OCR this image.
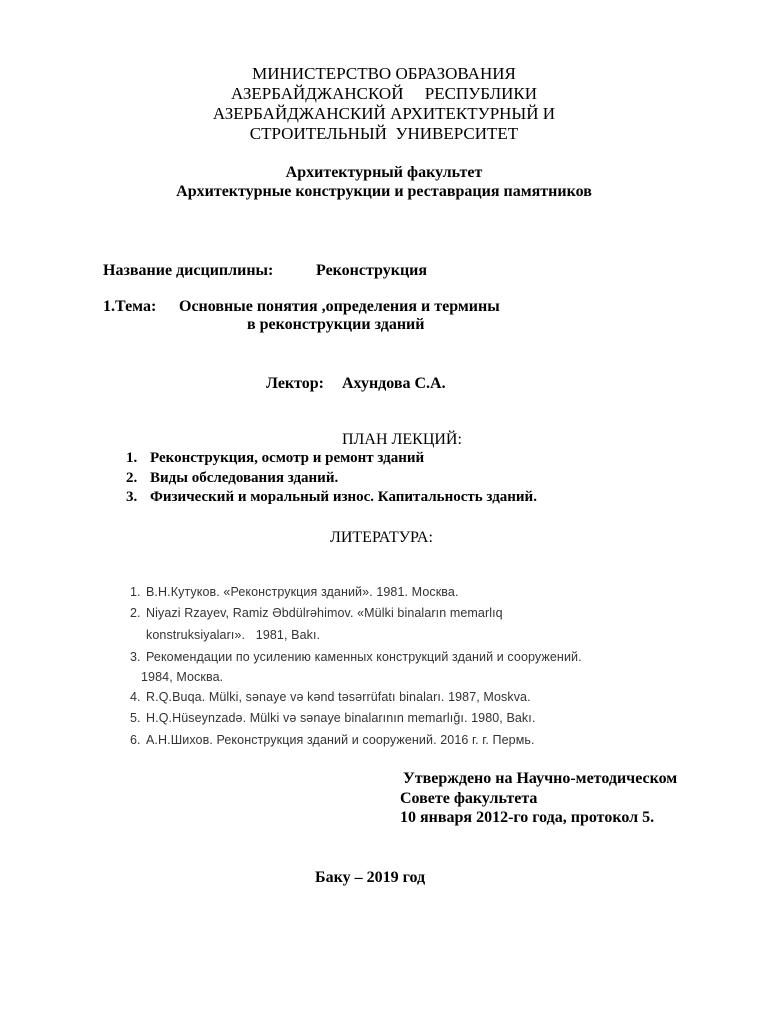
МИНИСТЕРСТВО ОБРАЗОВАНИЯ
АЗЕРБАЙДЖАНСКОЙ     РЕСПУБЛИКИ
АЗЕРБАЙДЖАНСКИЙ АРХИТЕКТУРНЫЙ И
СТРОИТЕЛЬНЫЙ  УНИВЕРСИТЕТ
Архитектурный факультет
Архитектурные конструкции и реставрация памятников
Название дисциплины:	Реконструкция
1.Тема: Основные понятия ,определения и термины
в реконструкции зданий
Лектор: Ахундова С.А.
ПЛАН ЛЕКЦИЙ:
1. Реконструкция, осмотр и ремонт зданий
2. Виды обследования зданий.
3. Физический и моральный износ. Капитальность зданий.
ЛИТЕРАТУРА:
1. В.Н.Кутуков. «Реконструкция зданий». 1981. Москва.
2. Niyazi Rzayev, Ramiz Əbdülrəhimov. «Mülki binaların memarlıq
konstruksiyaları».   1981, Bakı.
3. Рекомендации по усилению каменных конструкций зданий и сооружений.
1984, Москва.
4. R.Q.Buqa. Mülki, sənaye və kənd təsərrüfatı binaları. 1987, Moskva.
5. H.Q.Hüseynzadə. Mülki və sənaye binalarının memarlığı. 1980, Bakı.
6. А.Н.Шихов. Реконструкция зданий и сооружений. 2016 г. г. Пермь.
Утверждено на Научно-методическом
Совете факультета
10 января 2012-го года, протокол 5.
Баку – 2019 год
